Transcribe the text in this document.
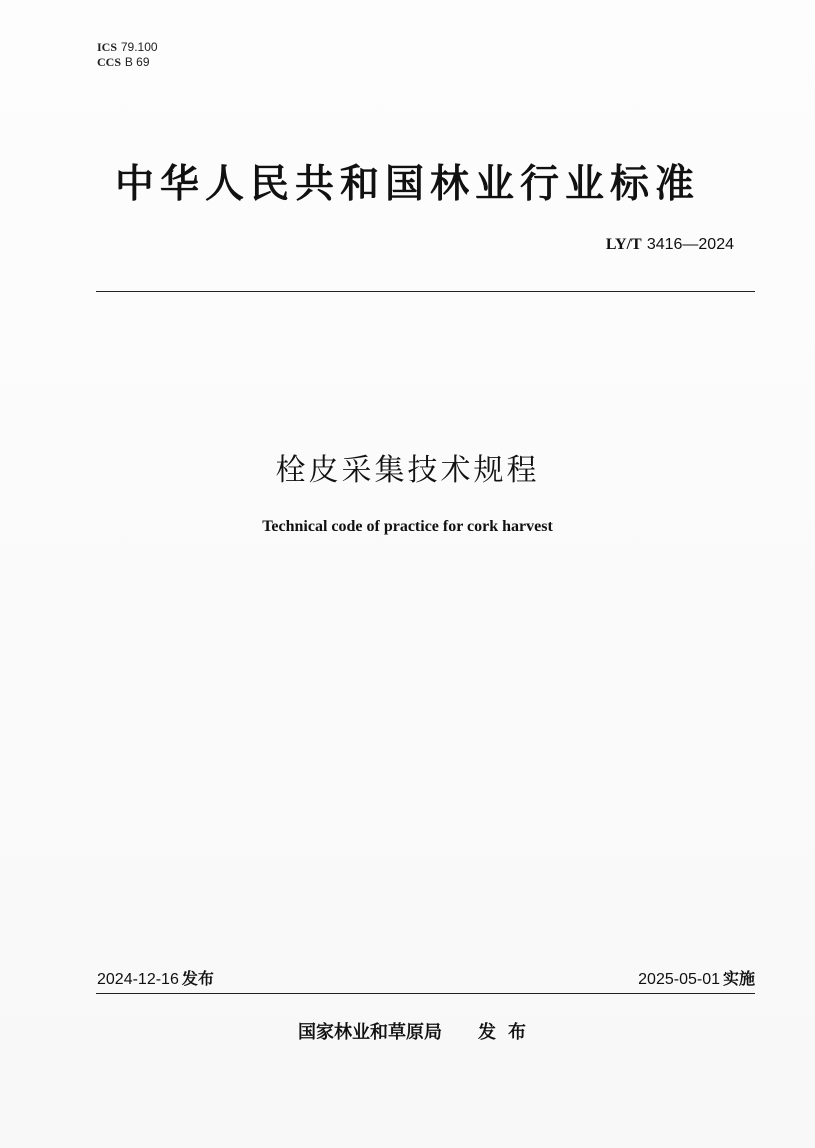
ICS 79.100
CCS B 69
中华人民共和国林业行业标准
LY/T 3416—2024
栓皮采集技术规程
Technical code of practice for cork harvest
2024-12-16 发布	2025-05-01 实施
国家林业和草原局 发布
